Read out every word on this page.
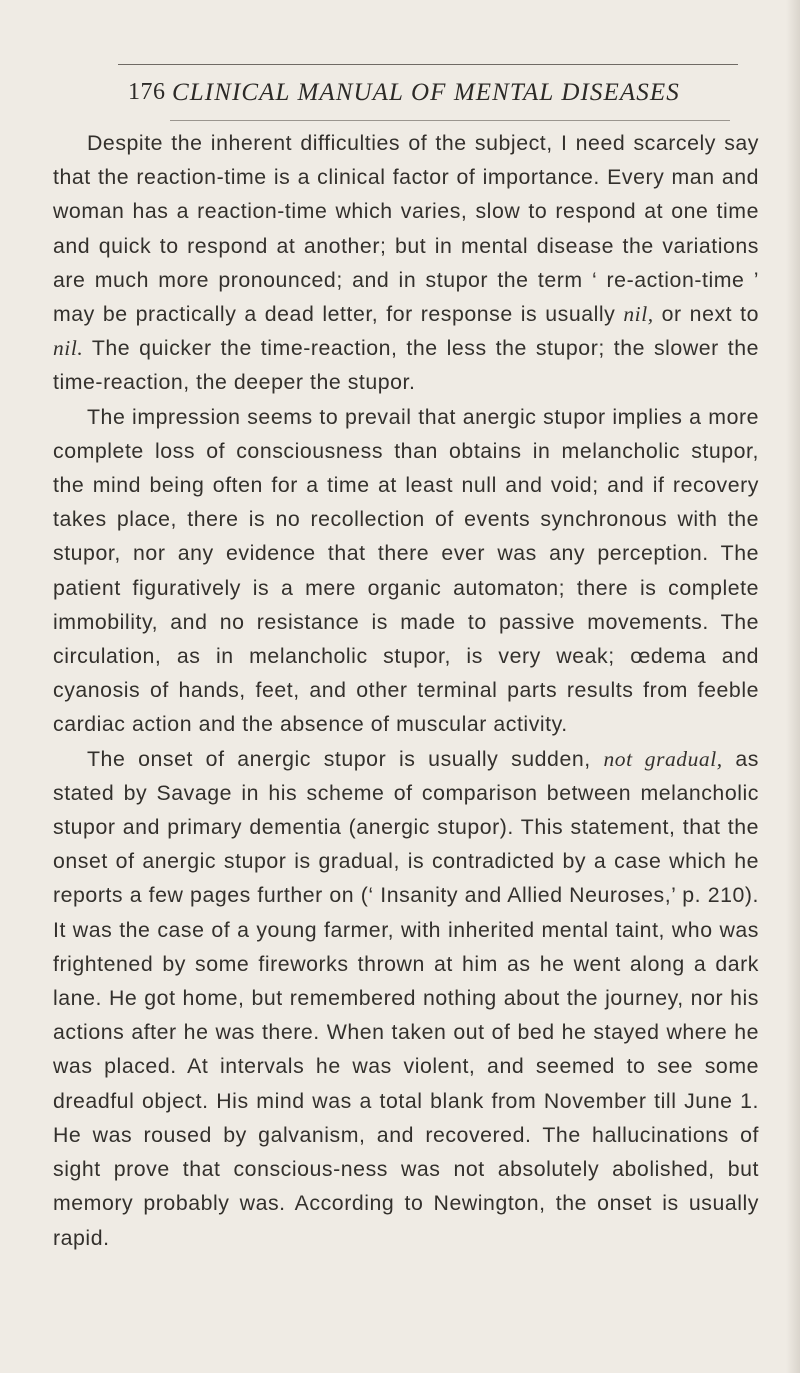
176 CLINICAL MANUAL OF MENTAL DISEASES

Despite the inherent difficulties of the subject, I need scarcely say that the reaction-time is a clinical factor of importance. Every man and woman has a reaction-time which varies, slow to respond at one time and quick to respond at another; but in mental disease the variations are much more pronounced; and in stupor the term ‘ re-action-time ’ may be practically a dead letter, for response is usually nil, or next to nil. The quicker the time-reaction, the less the stupor; the slower the time-reaction, the deeper the stupor.

The impression seems to prevail that anergic stupor implies a more complete loss of consciousness than obtains in melancholic stupor, the mind being often for a time at least null and void; and if recovery takes place, there is no recollection of events synchronous with the stupor, nor any evidence that there ever was any perception. The patient figuratively is a mere organic automaton; there is complete immobility, and no resistance is made to passive movements. The circulation, as in melancholic stupor, is very weak; œdema and cyanosis of hands, feet, and other terminal parts results from feeble cardiac action and the absence of muscular activity.

The onset of anergic stupor is usually sudden, not gradual, as stated by Savage in his scheme of comparison between melancholic stupor and primary dementia (anergic stupor). This statement, that the onset of anergic stupor is gradual, is contradicted by a case which he reports a few pages further on (‘ Insanity and Allied Neuroses,’ p. 210). It was the case of a young farmer, with inherited mental taint, who was frightened by some fireworks thrown at him as he went along a dark lane. He got home, but remembered nothing about the journey, nor his actions after he was there. When taken out of bed he stayed where he was placed. At intervals he was violent, and seemed to see some dreadful object. His mind was a total blank from November till June 1. He was roused by galvanism, and recovered. The hallucinations of sight prove that conscious-ness was not absolutely abolished, but memory probably was. According to Newington, the onset is usually rapid.
